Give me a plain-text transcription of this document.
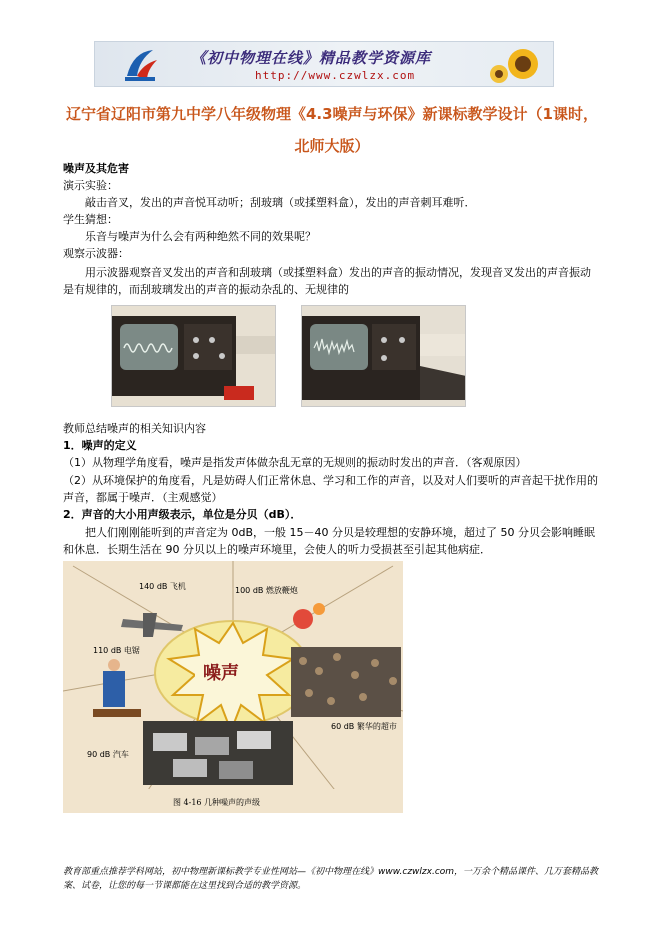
《初中物理在线》精品教学资源库
http://www.czwlzx.com
辽宁省辽阳市第九中学八年级物理《4.3噪声与环保》新课标教学设计（1课时，北师大版）
噪声及其危害
演示实验：
敲击音叉，发出的声音悦耳动听；刮玻璃（或揉塑料盒），发出的声音刺耳难听．
学生猜想：
乐音与噪声为什么会有两种绝然不同的效果呢？
观察示波器：
用示波器观察音叉发出的声音和刮玻璃（或揉塑料盒）发出的声音的振动情况，发现音叉发出的声音振动是有规律的，而刮玻璃发出的声音的振动杂乱的、无规律的
教师总结噪声的相关知识内容
1．噪声的定义
（1）从物理学角度看，噪声是指发声体做杂乱无章的无规则的振动时发出的声音．（客观原因）
（2）从环境保护的角度看，凡是妨碍人们正常休息、学习和工作的声音，以及对人们要听的声音起干扰作用的声音，都属于噪声．（主观感觉）
2．声音的大小用声级表示，单位是分贝（dB）．
把人们刚刚能听到的声音定为 0dB，一般 15－40 分贝是较理想的安静环境，超过了 50 分贝会影响睡眠和休息．长期生活在 90 分贝以上的噪声环境里，会使人的听力受损甚至引起其他病症．
140 dB 飞机	100 dB 燃放鞭炮
110 dB 电锯
60 dB 繁华的超市
90 dB 汽车
噪声
图 4-16 几种噪声的声级
教育部重点推荐学科网站，初中物理新课标教学专业性网站—《初中物理在线》www.czwlzx.com，一万余个精品课件、几万套精品教案、试卷，让您的每一节课都能在这里找到合适的教学资源。
